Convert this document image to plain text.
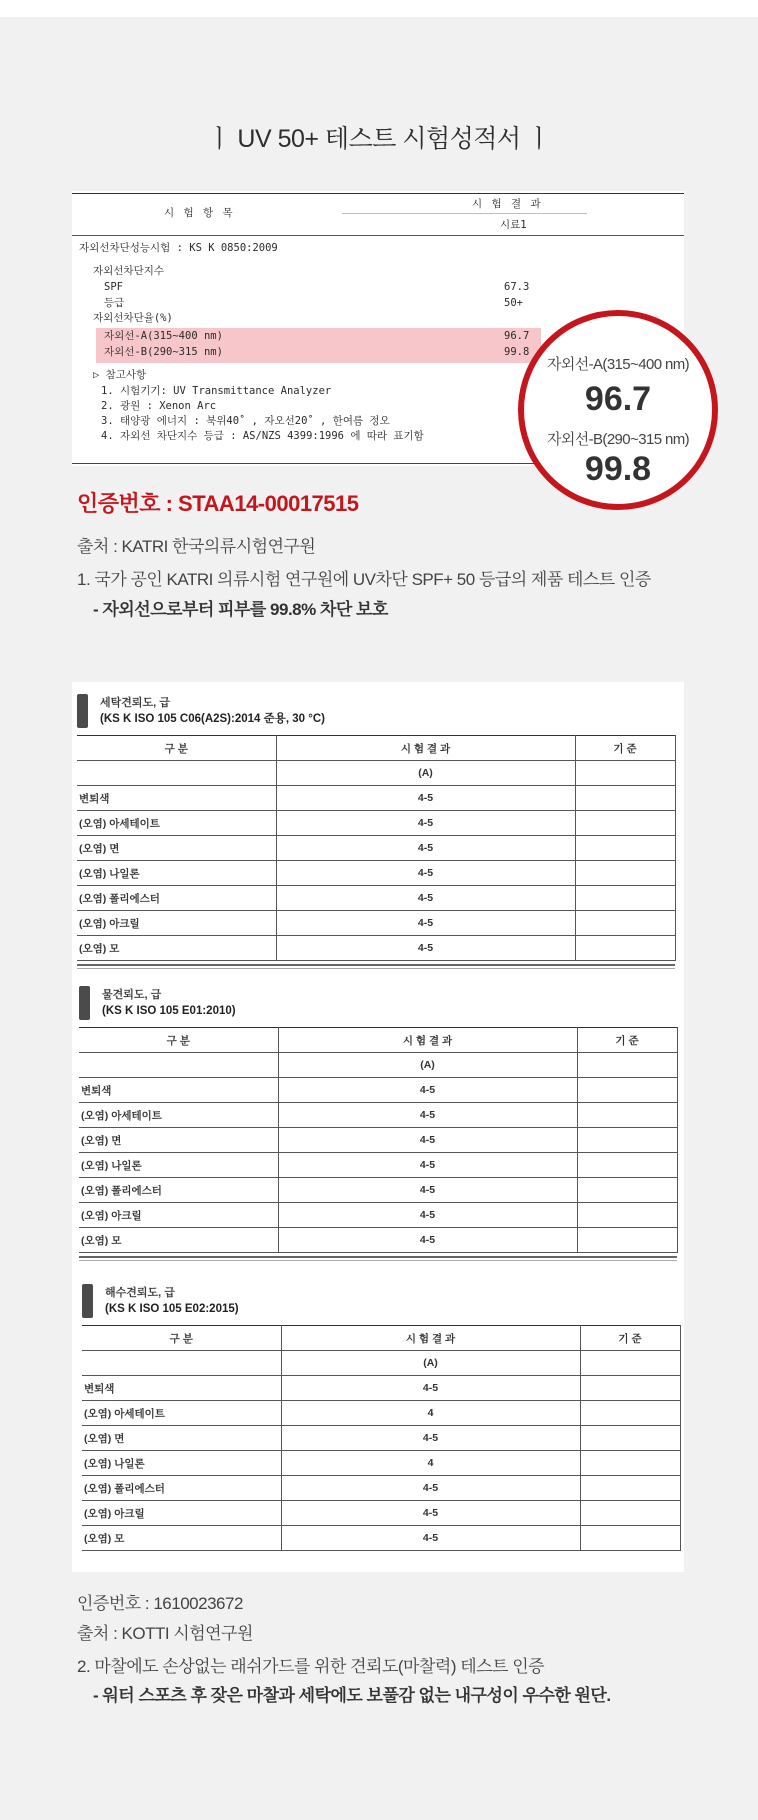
ㅣ UV 50+ 테스트 시험성적서 ㅣ
시 험 항 목
시 험 결 과
시료1
자외선차단성능시험 : KS K 0850:2009
자외선차단지수
SPF	67.3
등급	50+
자외선차단율(%)
자외선-A(315~400 nm)	96.7
자외선-B(290~315 nm)	99.8
▷ 참고사항
1. 시험기기: UV Transmittance Analyzer
2. 광원 : Xenon Arc
3. 태양광 에너지 : 북위40˚ , 자오선20˚ , 한여름 정오
4. 자외선 차단지수 등급 : AS/NZS 4399:1996 에 따라 표기함
자외선-A(315~400 nm)
96.7
자외선-B(290~315 nm)
99.8
인증번호 : STAA14-00017515
출처 : KATRI 한국의류시험연구원
1. 국가 공인 KATRI 의류시험 연구원에 UV차단 SPF+ 50 등급의 제품 테스트 인증
- 자외선으로부터 피부를 99.8% 차단 보호
세탁견뢰도, 급
(KS K ISO 105 C06(A2S):2014 준용, 30 °C)
구 분	시 험 결 과	기 준
	(A)	
변퇴색	4-5	
(오염) 아세테이트	4-5	
(오염) 면	4-5	
(오염) 나일론	4-5	
(오염) 폴리에스터	4-5	
(오염) 아크릴	4-5	
(오염) 모	4-5	
물견뢰도, 급
(KS K ISO 105 E01:2010)
구 분	시 험 결 과	기 준
	(A)	
변퇴색	4-5	
(오염) 아세테이트	4-5	
(오염) 면	4-5	
(오염) 나일론	4-5	
(오염) 폴리에스터	4-5	
(오염) 아크릴	4-5	
(오염) 모	4-5	
해수견뢰도, 급
(KS K ISO 105 E02:2015)
구 분	시 험 결 과	기 준
	(A)	
변퇴색	4-5	
(오염) 아세테이트	4	
(오염) 면	4-5	
(오염) 나일론	4	
(오염) 폴리에스터	4-5	
(오염) 아크릴	4-5	
(오염) 모	4-5	
인증번호 : 1610023672
출처 : KOTTI 시험연구원
2. 마찰에도 손상없는 래쉬가드를 위한 견뢰도(마찰력) 테스트 인증
- 워터 스포츠 후 잦은 마찰과 세탁에도 보풀감 없는 내구성이 우수한 원단.
